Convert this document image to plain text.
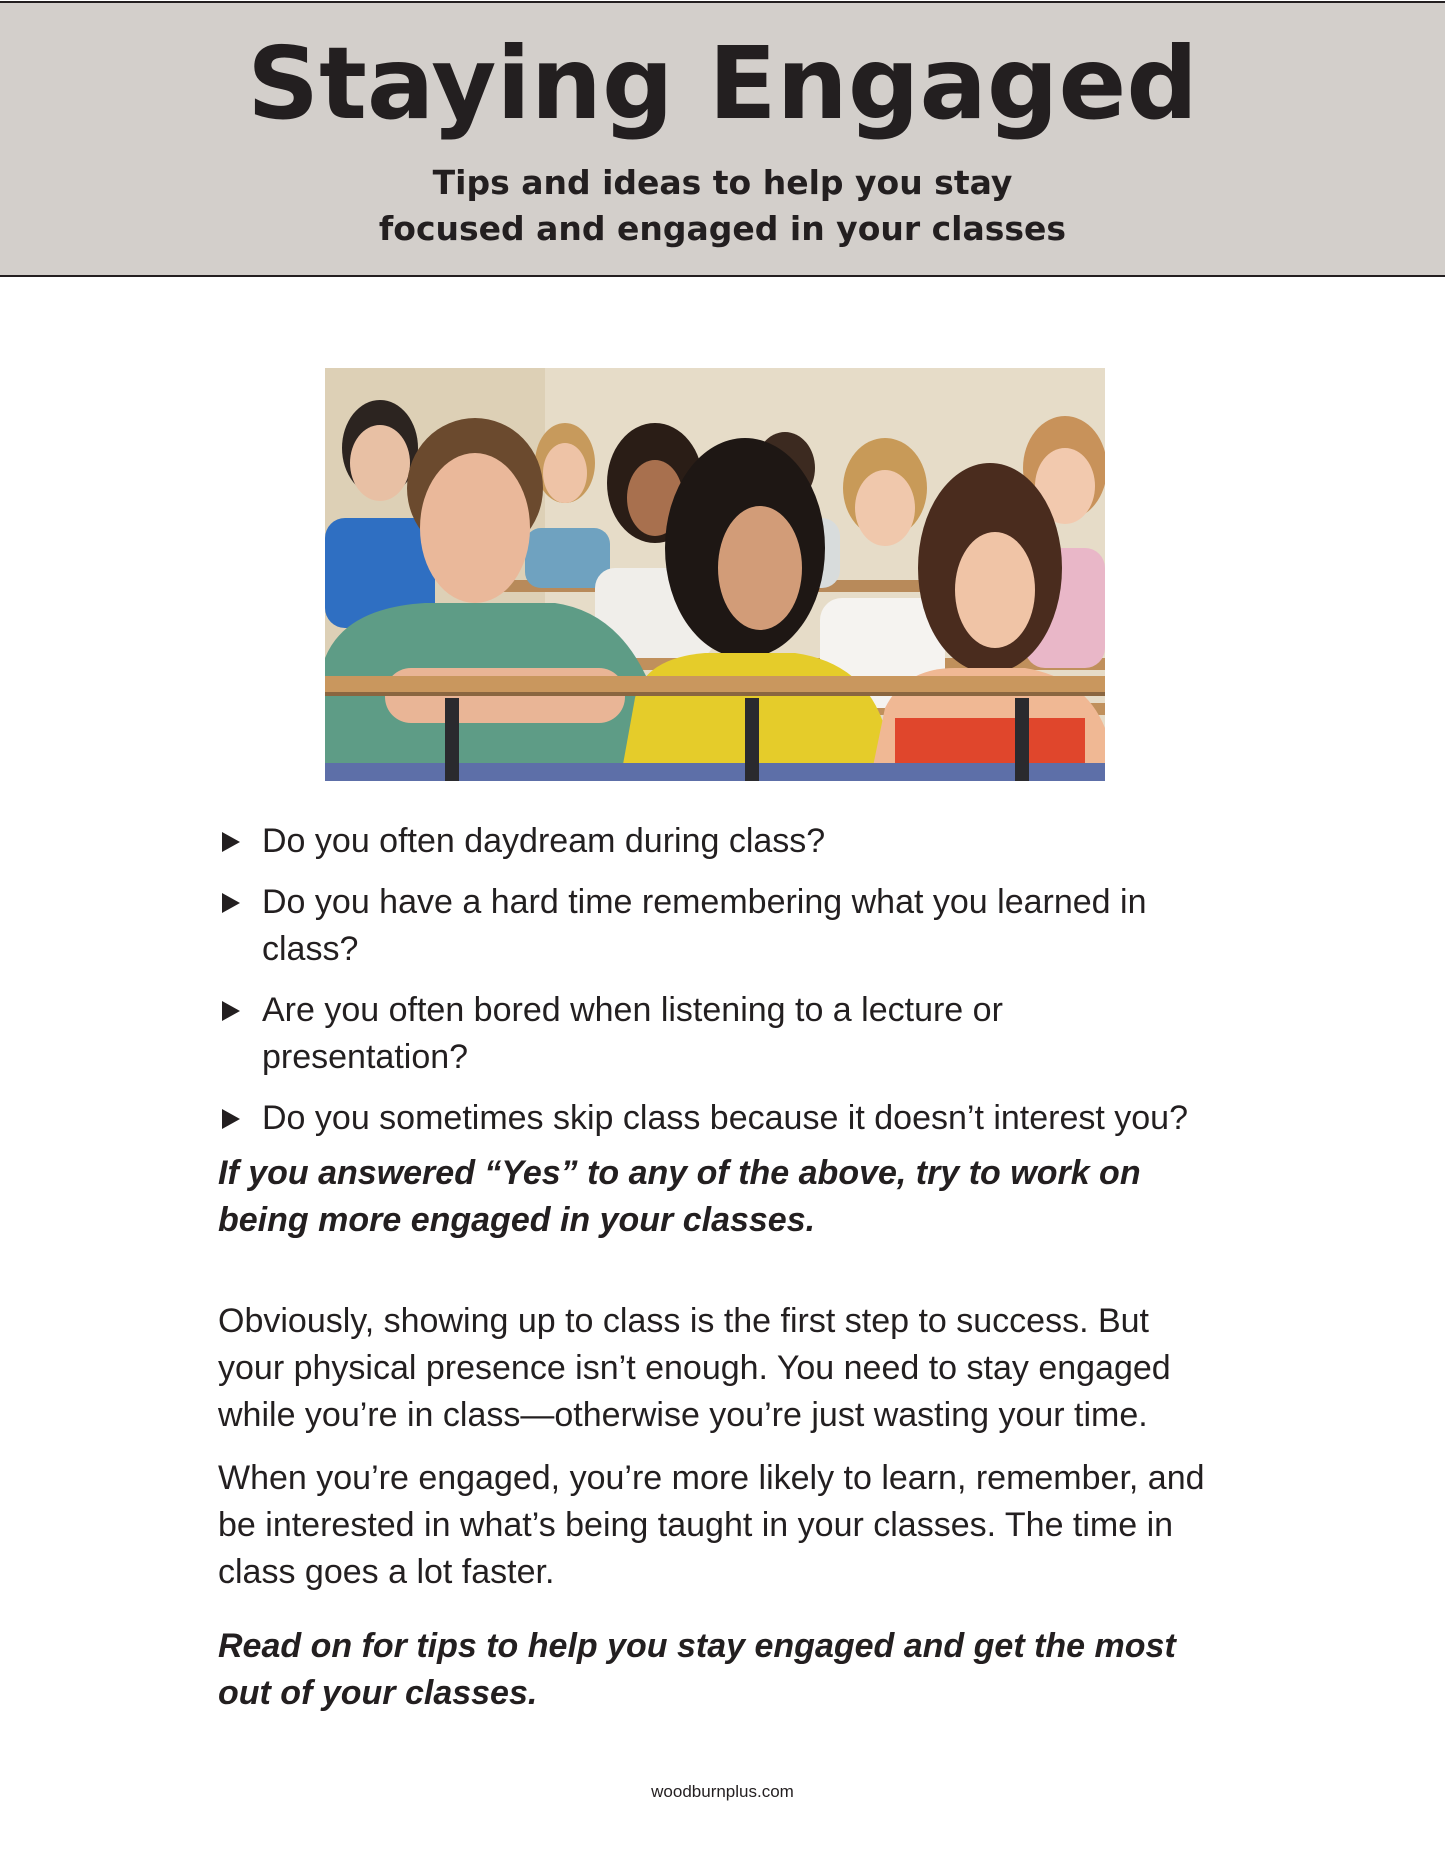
Staying Engaged

Tips and ideas to help you stay
focused and engaged in your classes

Do you often daydream during class?
Do you have a hard time remembering what you learned in class?
Are you often bored when listening to a lecture or presentation?
Do you sometimes skip class because it doesn’t interest you?

If you answered “Yes” to any of the above, try to work on being more engaged in your classes.

Obviously, showing up to class is the first step to success. But your physical presence isn’t enough. You need to stay engaged while you’re in class—otherwise you’re just wasting your time.

When you’re engaged, you’re more likely to learn, remember, and be interested in what’s being taught in your classes. The time in class goes a lot faster.

Read on for tips to help you stay engaged and get the most out of your classes.

woodburnplus.com
